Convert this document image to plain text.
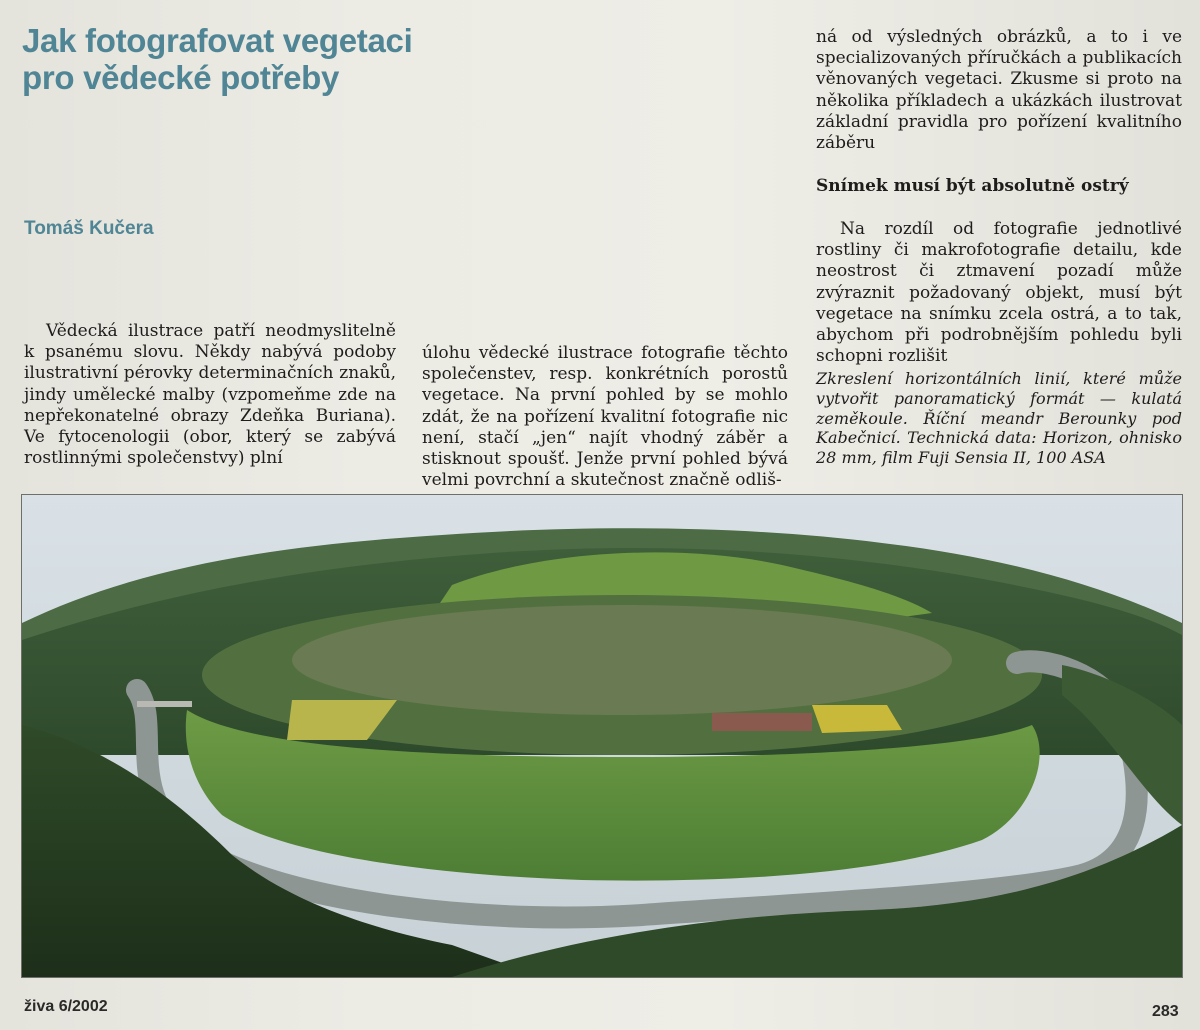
Jak fotografovat vegetaci pro vědecké potřeby
Tomáš Kučera

Vědecká ilustrace patří neodmyslitelně k psanému slovu. Někdy nabývá podoby ilustrativní pérovky determinačních znaků, jindy umělecké malby (vzpomeňme zde na nepřekonatelné obrazy Zdeňka Buriana). Ve fytocenologii (obor, který se zabývá rostlinnými společenstvy) plní

úlohu vědecké ilustrace fotografie těchto společenstev, resp. konkrétních porostů vegetace. Na první pohled by se mohlo zdát, že na pořízení kvalitní fotografie nic není, stačí „jen“ najít vhodný záběr a stisknout spoušť. Jenže první pohled bývá velmi povrchní a skutečnost značně odliš-

ná od výsledných obrázků, a to i ve specializovaných příručkách a publikacích věnovaných vegetaci. Zkusme si proto na několika příkladech a ukázkách ilustrovat základní pravidla pro pořízení kvalitního záběru

Snímek musí být absolutně ostrý

Na rozdíl od fotografie jednotlivé rostliny či makrofotografie detailu, kde neostrost či ztmavení pozadí může zvýraznit požadovaný objekt, musí být vegetace na snímku zcela ostrá, a to tak, abychom při podrobnějším pohledu byli schopni rozlišit

Zkreslení horizontálních linií, které může vytvořit panoramatický formát — kulatá zeměkoule. Říční meandr Berounky pod Kabečnicí. Technická data: Horizon, ohnisko 28 mm, film Fuji Sensia II, 100 ASA

živa 6/2002	283
